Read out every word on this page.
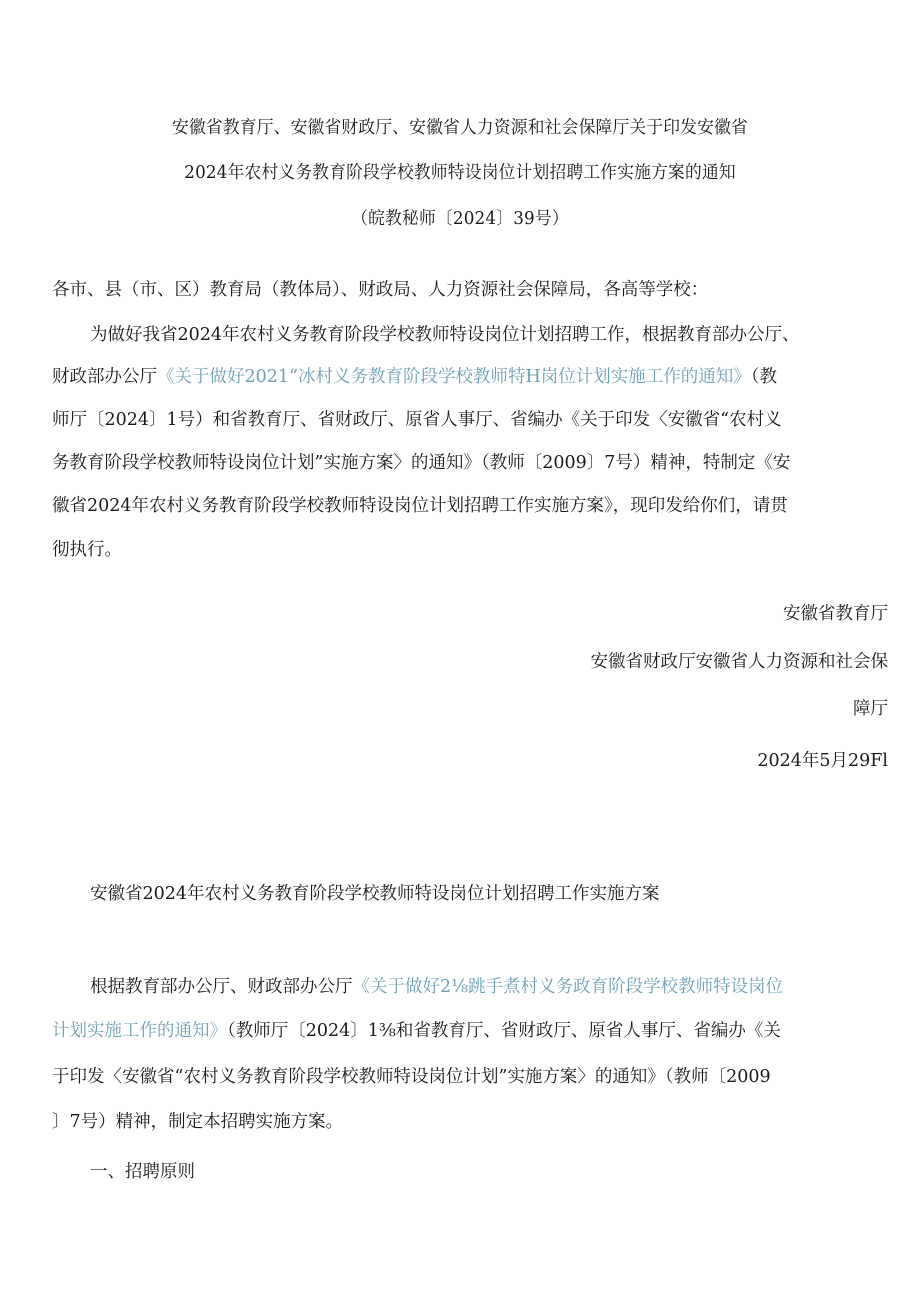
安徽省教育厅、安徽省财政厅、安徽省人力资源和社会保障厅关于印发安徽省
2024年农村义务教育阶段学校教师特设岗位计划招聘工作实施方案的通知
（皖教秘师〔2024〕39号）
各市、县（市、区）教育局（教体局）、财政局、人力资源社会保障局，各高等学校：
为做好我省2024年农村义务教育阶段学校教师特设岗位计划招聘工作，根据教育部办公厅、
财政部办公厅《关于做好2021“冰村义务教育阶段学校教师特H岗位计划实施工作的通知》（教
师厅〔2024〕1号）和省教育厅、省财政厅、原省人事厅、省编办《关于印发〈安徽省“农村义
务教育阶段学校教师特设岗位计划”实施方案〉的通知》（教师〔2009〕7号）精神，特制定《安
徽省2024年农村义务教育阶段学校教师特设岗位计划招聘工作实施方案》，现印发给你们，请贯
彻执行。
安徽省教育厅
安徽省财政厅安徽省人力资源和社会保
障厅
2024年5月29Fl
安徽省2024年农村义务教育阶段学校教师特设岗位计划招聘工作实施方案
根据教育部办公厅、财政部办公厅《关于做好2⅛跳手煮村义务政育阶段学校教师特设岗位
计划实施工作的通知》（教师厅〔2024〕1⅜和省教育厅、省财政厅、原省人事厅、省编办《关
于印发〈安徽省“农村义务教育阶段学校教师特设岗位计划”实施方案〉的通知》（教师〔2009
〕7号）精神，制定本招聘实施方案。
一、招聘原则
